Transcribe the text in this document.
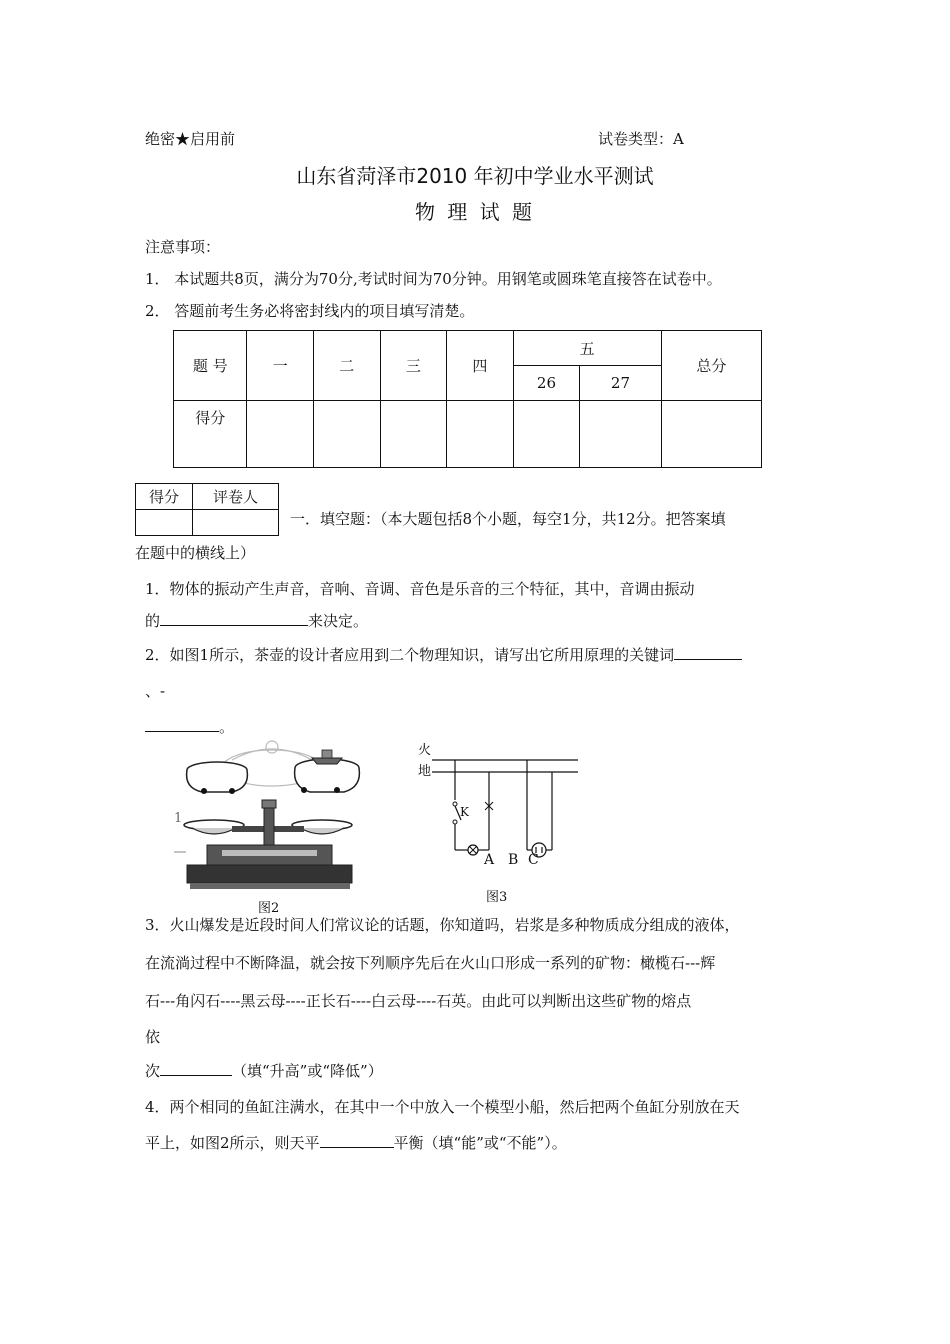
绝密★启用前	试卷类型：A
山东省菏泽市2010 年初中学业水平测试
物 理 试 题
注意事项：
1． 本试题共8页，满分为70分,考试时间为70分钟。用钢笔或圆珠笔直接答在试卷中。
2． 答题前考生务必将密封线内的项目填写清楚。
题 号	一	二	三	四	五		总分
					26	27	
得分							
得分	评卷人

一．填空题：（本大题包括8个小题，每空1分，共12分。把答案填
在题中的横线上）
1．物体的振动产生声音，音响、音调、音色是乐音的三个特征，其中，音调由振动
的	来决定。
2．如图1所示，茶壶的设计者应用到二个物理知识，请写出它所用原理的关键词
、-
。
1
图2
火
地
K
A B C
图3
3．火山爆发是近段时间人们常议论的话题，你知道吗，岩浆是多种物质成分组成的液体，
在流淌过程中不断降温，就会按下列顺序先后在火山口形成一系列的矿物：橄榄石---辉
石---角闪石----黑云母----正长石----白云母----石英。由此可以判断出这些矿物的熔点
依
次	（填“升高”或“降低”）
4．两个相同的鱼缸注满水，在其中一个中放入一个模型小船，然后把两个鱼缸分别放在天
平上，如图2所示，则天平	平衡（填“能”或“不能”）。
